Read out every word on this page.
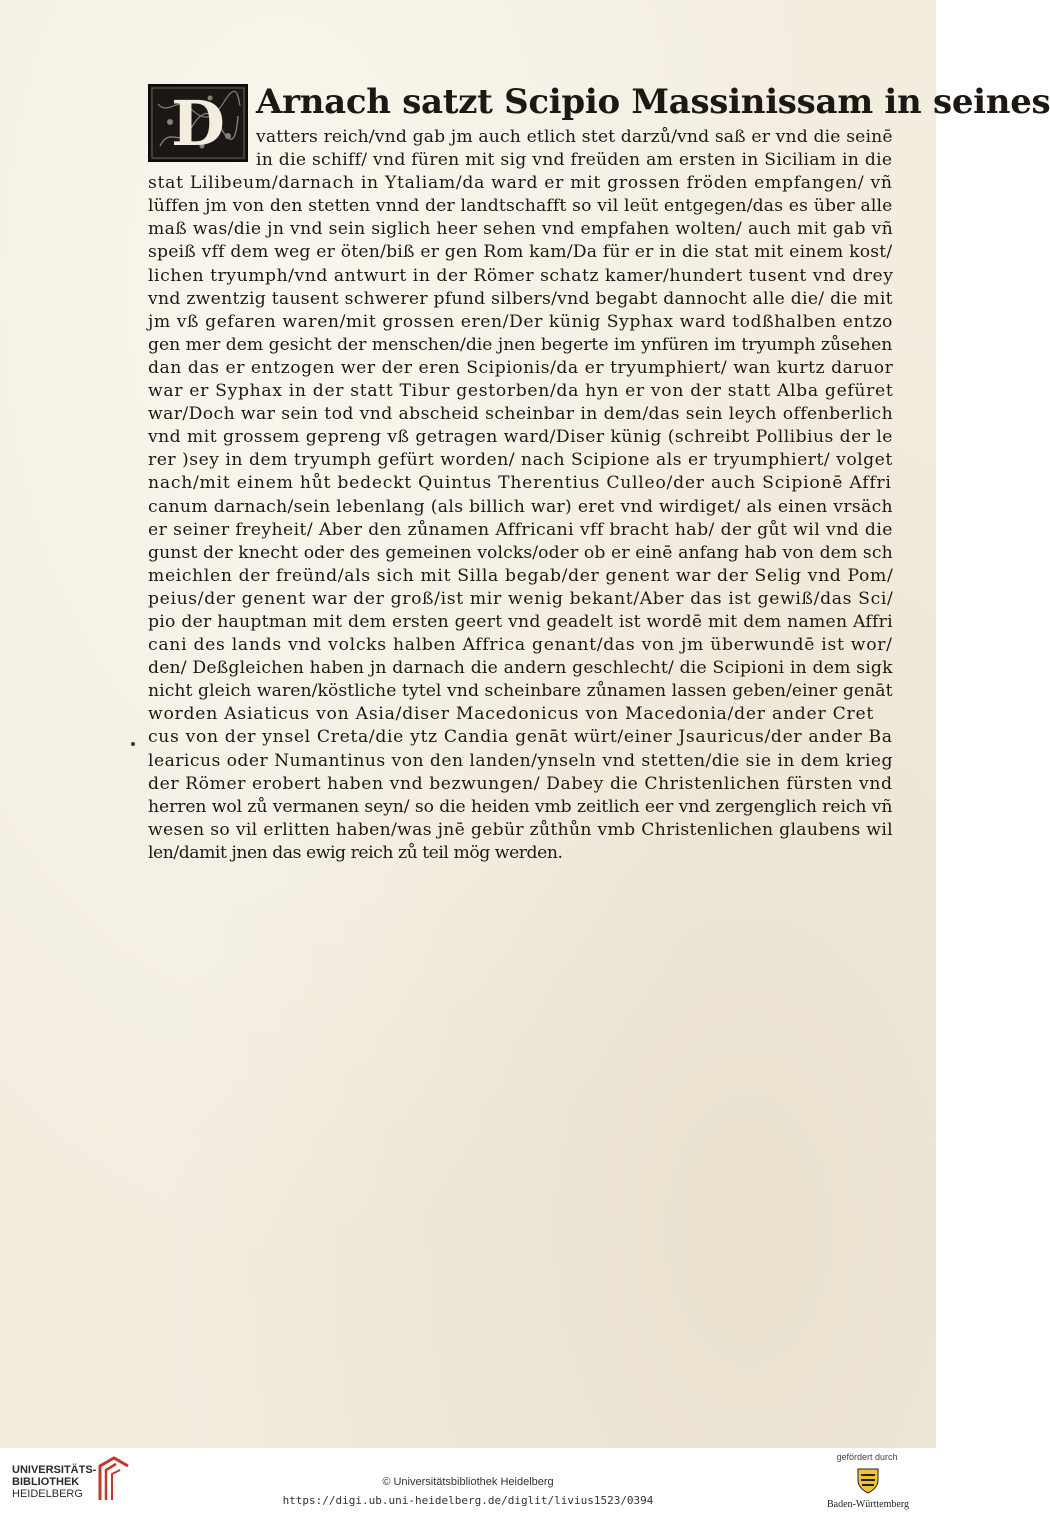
D Arnach satzt Scipio Massinissam in seines
vatters reich/vnd gab jm auch etlich stet darzů/vnd saß er vnd die seinē
in die schiff/ vnd füren mit sig vnd freüden am ersten in Siciliam in die
stat Lilibeum/darnach in Ytaliam/da ward er mit grossen fröden empfangen/ vñ
lüffen jm von den stetten vnnd der landtschafft so vil leüt entgegen/das es über alle
maß was/die jn vnd sein siglich heer sehen vnd empfahen wolten/ auch mit gab vñ
speiß vff dem weg er öten/biß er gen Rom kam/Da für er in die stat mit einem kost/
lichen tryumph/vnd antwurt in der Römer schatz kamer/hundert tusent vnd drey
vnd zwentzig tausent schwerer pfund silbers/vnd begabt dannocht alle die/ die mit
jm vß gefaren waren/mit grossen eren/Der künig Syphax ward todßhalben entzo
gen mer dem gesicht der menschen/die jnen begerte im ynfüren im tryumph zůsehen
dan das er entzogen wer der eren Scipionis/da er tryumphiert/ wan kurtz daruor
war er Syphax in der statt Tibur gestorben/da hyn er von der statt Alba gefüret
war/Doch war sein tod vnd abscheid scheinbar in dem/das sein leych offenberlich
vnd mit grossem gepreng vß getragen ward/Diser künig (schreibt Pollibius der le
rer )sey in dem tryumph gefürt worden/ nach Scipione als er tryumphiert/ volget
nach/mit einem hůt bedeckt Quintus Therentius Culleo/der auch Scipionē Affri
canum darnach/sein lebenlang (als billich war) eret vnd wirdiget/ als einen vrsäch
er seiner freyheit/ Aber den zůnamen Affricani vff bracht hab/ der gůt wil vnd die
gunst der knecht oder des gemeinen volcks/oder ob er einē anfang hab von dem sch
meichlen der freünd/als sich mit Silla begab/der genent war der Selig vnd Pom/
peius/der genent war der groß/ist mir wenig bekant/Aber das ist gewiß/das Sci/
pio der hauptman mit dem ersten geert vnd geadelt ist wordē mit dem namen Affri
cani des lands vnd volcks halben Affrica genant/das von jm überwundē ist wor/
den/ Deßgleichen haben jn darnach die andern geschlecht/ die Scipioni in dem sigk
nicht gleich waren/köstliche tytel vnd scheinbare zůnamen lassen geben/einer genāt
worden Asiaticus von Asia/diser Macedonicus von Macedonia/der ander Cret
cus von der ynsel Creta/die ytz Candia genāt würt/einer Jsauricus/der ander Ba
learicus oder Numantinus von den landen/ynseln vnd stetten/die sie in dem krieg
der Römer erobert haben vnd bezwungen/ Dabey die Christenlichen fürsten vnd
herren wol zů vermanen seyn/ so die heiden vmb zeitlich eer vnd zergenglich reich vñ
wesen so vil erlitten haben/was jnē gebür zůthůn vmb Christenlichen glaubens wil
len/damit jnen das ewig reich zů teil mög werden.
UNIVERSITÄTS-
BIBLIOTHEK
HEIDELBERG
© Universitätsbibliothek Heidelberg
https://digi.ub.uni-heidelberg.de/diglit/livius1523/0394
gefördert durch
Baden-Württemberg
